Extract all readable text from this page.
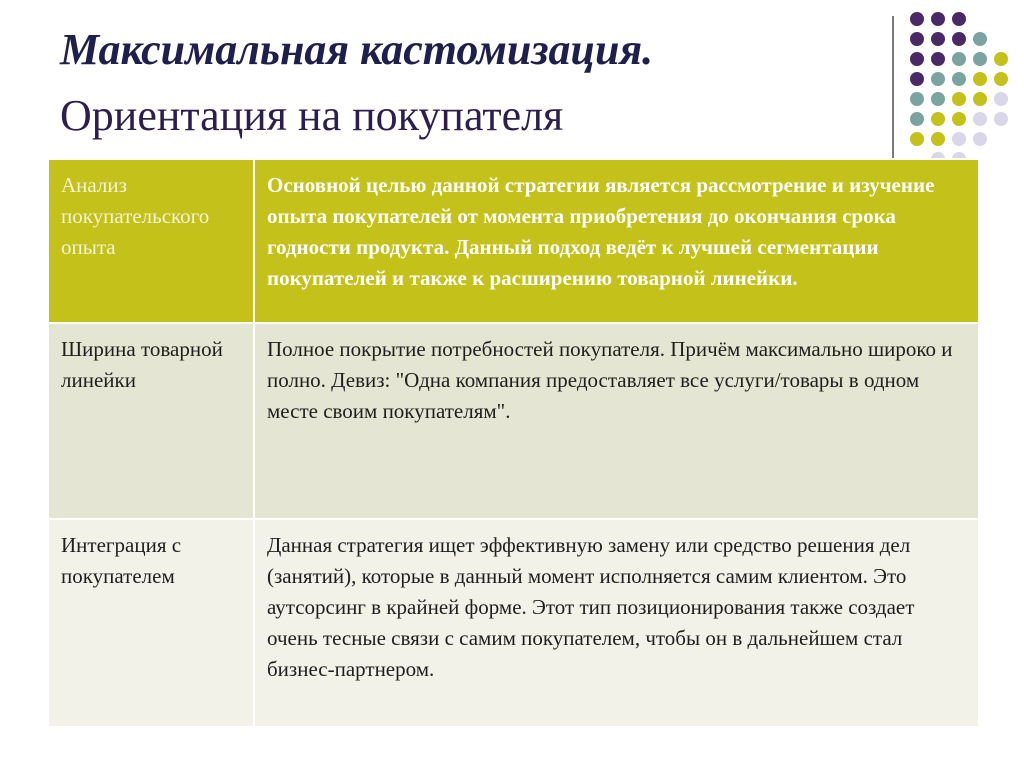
Максимальная кастомизация.
Ориентация на покупателя
Анализ покупательского опыта	Основной целью данной стратегии является рассмотрение и изучение опыта покупателей от момента приобретения до окончания срока годности продукта. Данный подход ведёт к лучшей сегментации покупателей и также к расширению товарной линейки.
Ширина товарной линейки	Полное покрытие потребностей покупателя. Причём максимально широко и полно. Девиз: "Одна компания предоставляет все услуги/товары в одном месте своим покупателям".
Интеграция с покупателем	Данная стратегия ищет эффективную замену или средство решения дел (занятий), которые в данный момент исполняется самим клиентом. Это аутсорсинг в крайней форме. Этот тип позиционирования также создает очень тесные связи с самим покупателем, чтобы он в дальнейшем стал бизнес-партнером.
